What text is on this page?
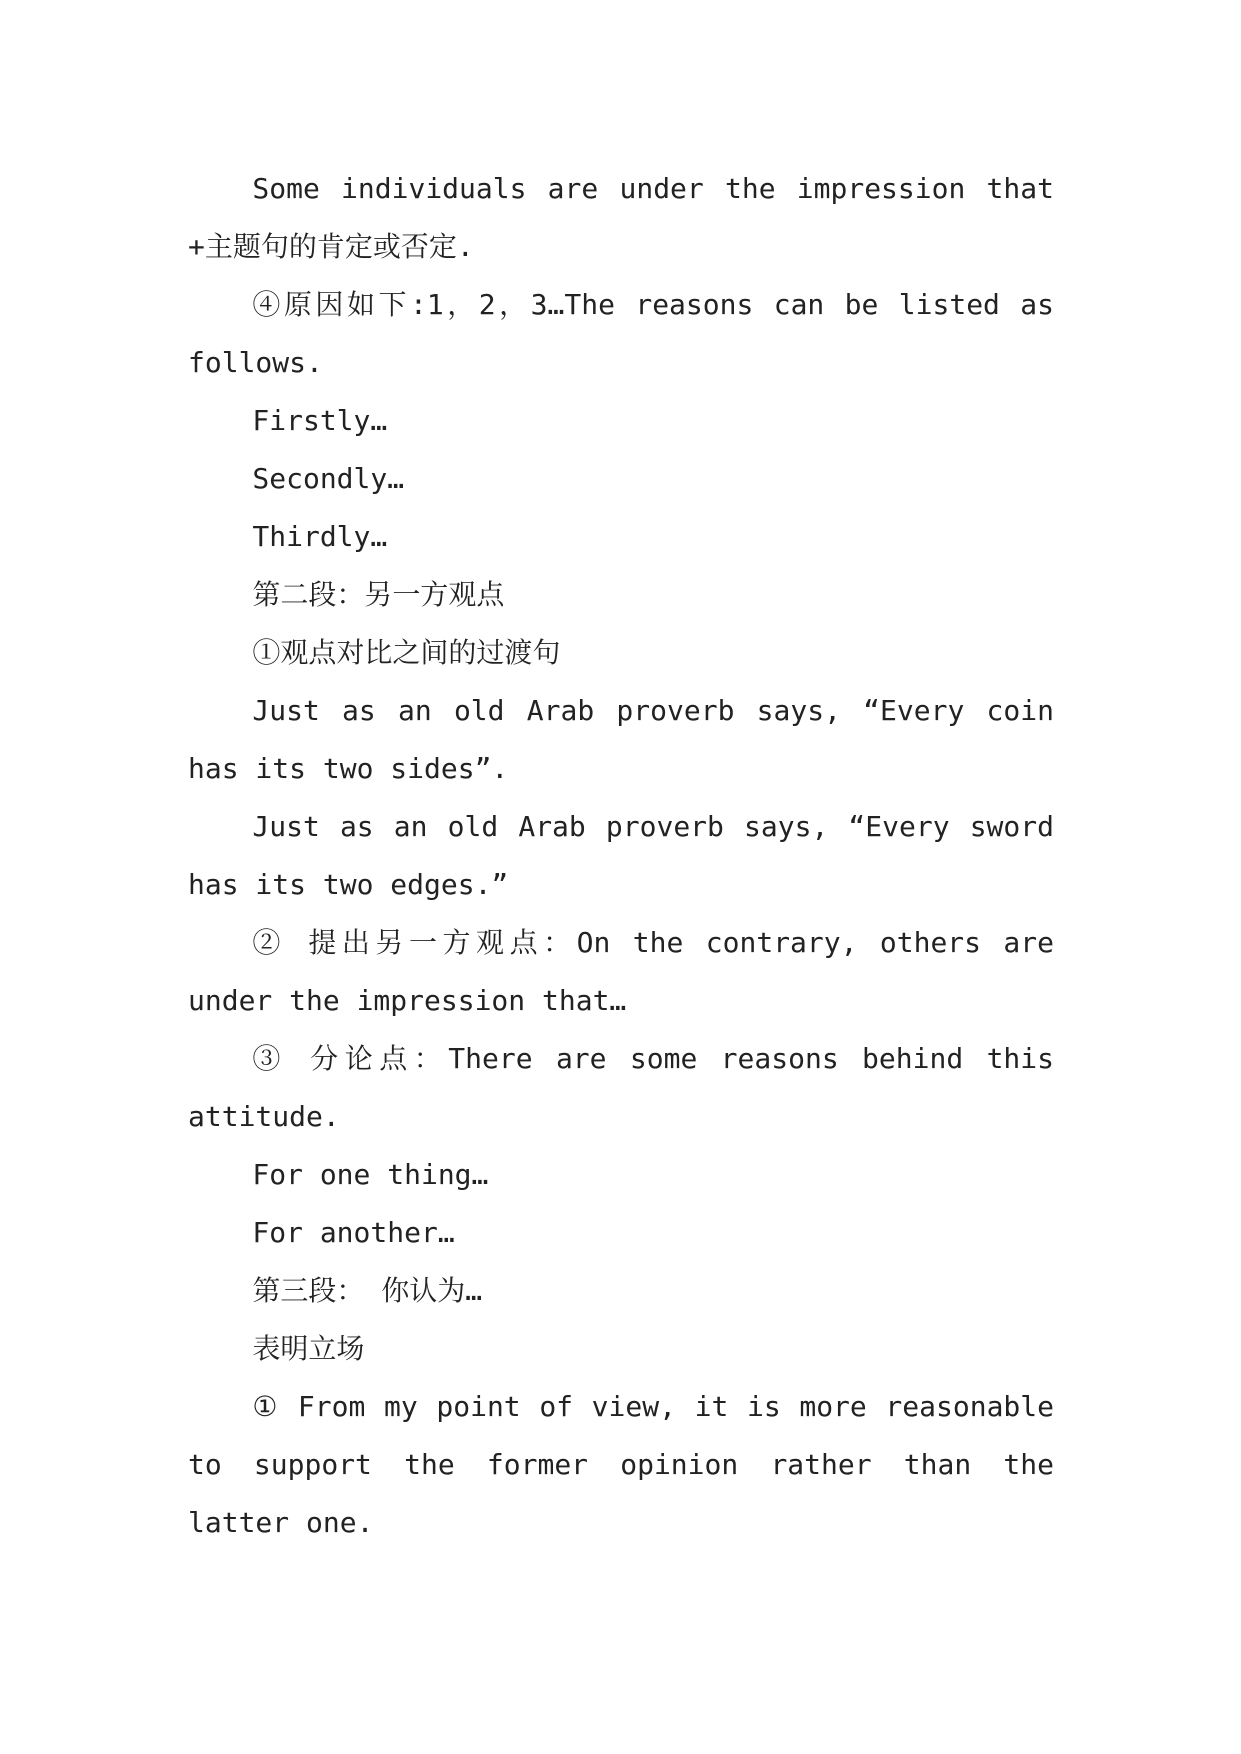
Some individuals are under the impression that +主题句的肯定或否定.

④原因如下:1，2，3…The reasons can be listed as follows.

Firstly…

Secondly…

Thirdly…

第二段：另一方观点

①观点对比之间的过渡句

Just as an old Arab proverb says, “Every coin has its two sides”.

Just as an old Arab proverb says, “Every sword has its two edges.”

② 提出另一方观点：On the contrary, others are under the impression that…

③ 分论点：There are some reasons behind this attitude.

For one thing…

For another…

第三段： 你认为…

表明立场

① From my point of view, it is more reasonable to support the former opinion rather than the latter one.
